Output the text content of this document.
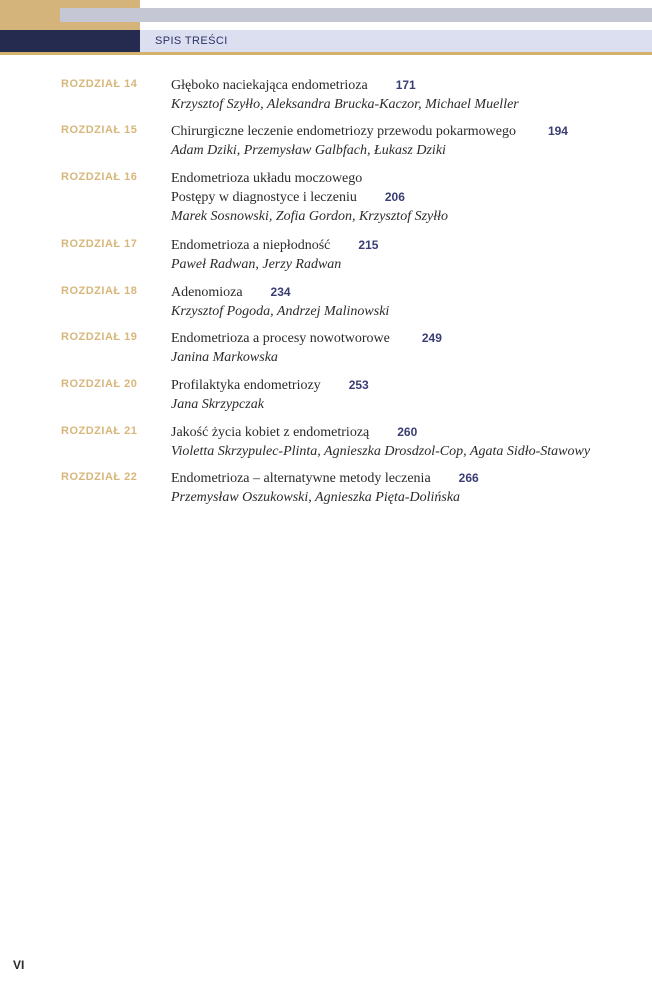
SPIS TREŚCI
ROZDZIAŁ 14 Głęboko naciekająca endometrioza 171
Krzysztof Szyłło, Aleksandra Brucka-Kaczor, Michael Mueller
ROZDZIAŁ 15 Chirurgiczne leczenie endometriozy przewodu pokarmowego	194
Adam Dziki, Przemysław Galbfach, Łukasz Dziki
ROZDZIAŁ 16 Endometrioza układu moczowego
Postępy w diagnostyce i leczeniu 206
Marek Sosnowski, Zofia Gordon, Krzysztof Szyłło
ROZDZIAŁ 17 Endometrioza a niepłodność 215
Paweł Radwan, Jerzy Radwan
ROZDZIAŁ 18 Adenomioza 234
Krzysztof Pogoda, Andrzej Malinowski
ROZDZIAŁ 19 Endometrioza a procesy nowotworowe	249
Janina Markowska
ROZDZIAŁ 20 Profilaktyka endometriozy 253
Jana Skrzypczak
ROZDZIAŁ 21 Jakość życia kobiet z endometriozą 260
Violetta Skrzypulec-Plinta, Agnieszka Drosdzol-Cop, Agata Sidło-Stawowy
ROZDZIAŁ 22 Endometrioza – alternatywne metody leczenia 266
Przemysław Oszukowski, Agnieszka Pięta-Dolińska
VI
